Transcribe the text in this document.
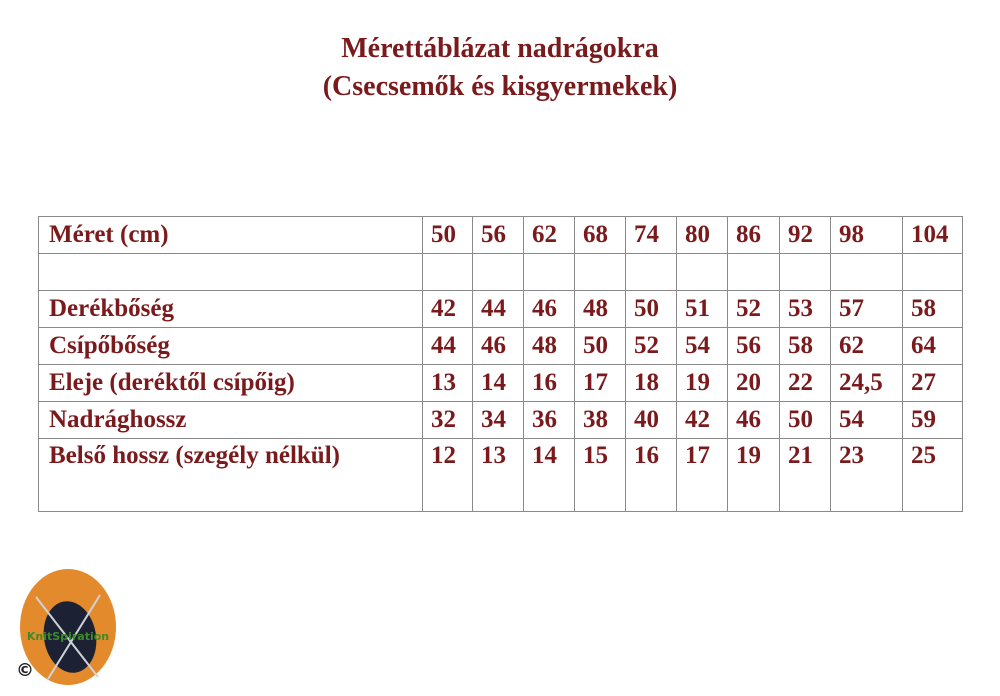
Mérettáblázat nadrágokra
(Csecsemők és kisgyermekek)
Méret (cm)	50	56	62	68	74	80	86	92	98	104

Derékbőség	42	44	46	48	50	51	52	53	57	58
Csípőbőség	44	46	48	50	52	54	56	58	62	64
Eleje (deréktől csípőig)	13	14	16	17	18	19	20	22	24,5	27
Nadrághossz	32	34	36	38	40	42	46	50	54	59
Belső hossz (szegély nélkül)	12	13	14	15	16	17	19	21	23	25
KnitSpiration
©
